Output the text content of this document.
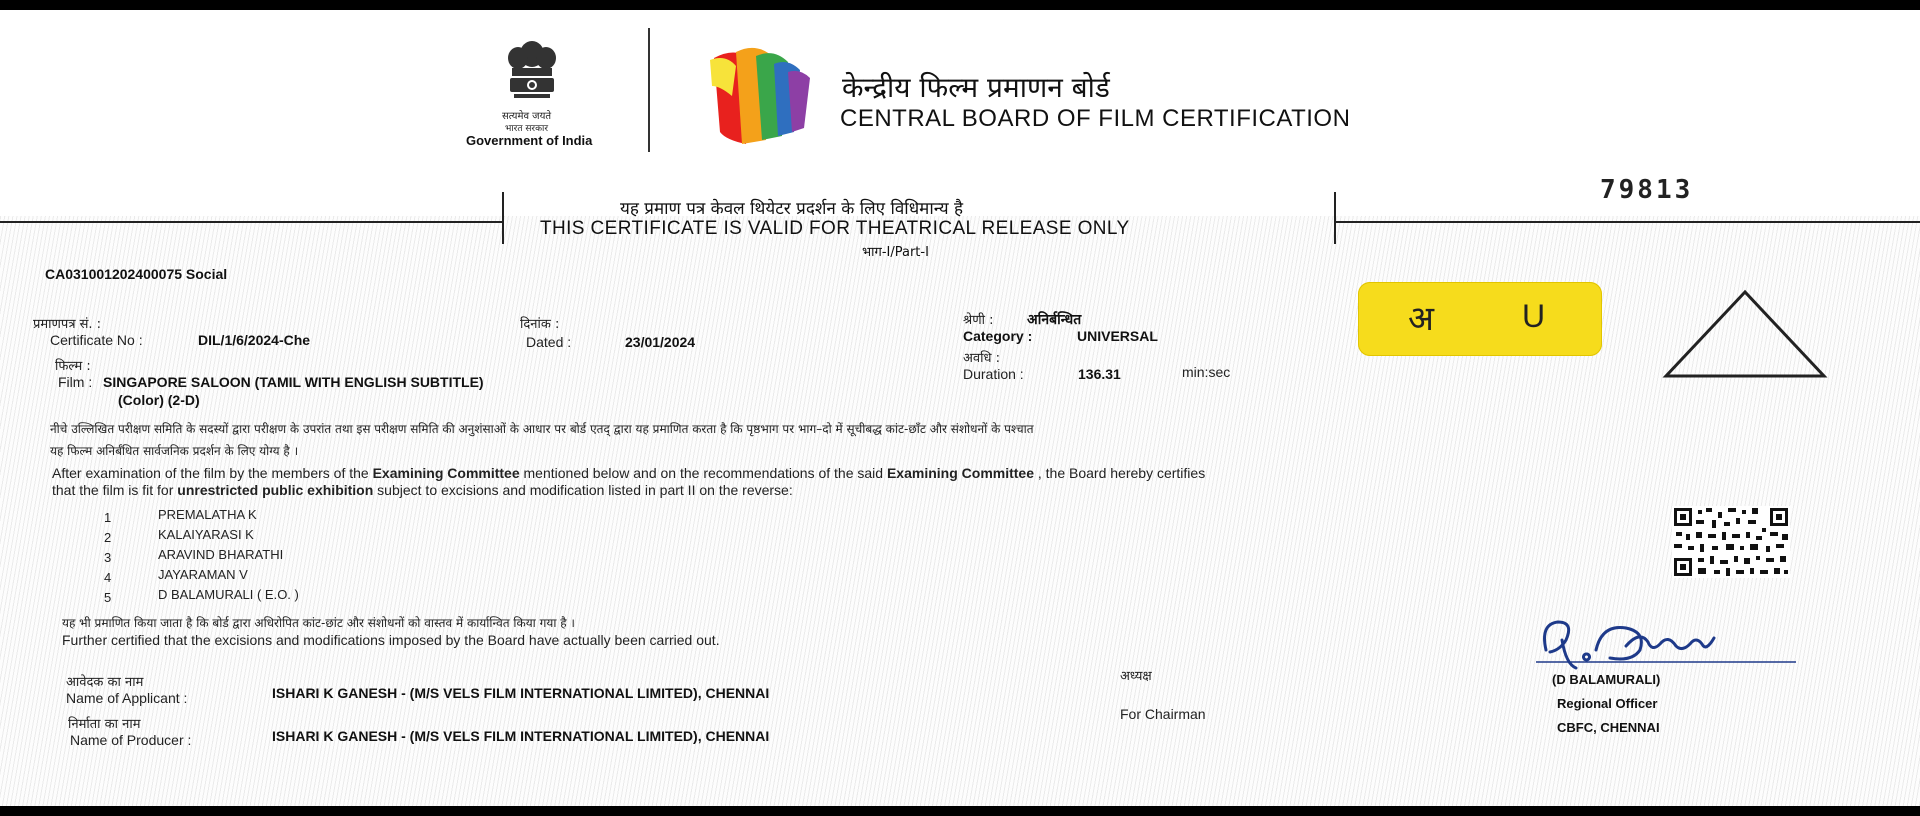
सत्यमेव जयते
भारत सरकार
Government of India
केन्द्रीय फिल्म प्रमाणन बोर्ड
CENTRAL BOARD OF FILM CERTIFICATION
79813
यह प्रमाण पत्र केवल थियेटर प्रदर्शन के लिए विधिमान्य है
THIS CERTIFICATE IS VALID FOR THEATRICAL RELEASE ONLY
भाग-I/Part-I
CA031001202400075 Social
प्रमाणपत्र सं. :
Certificate No :	DIL/1/6/2024-Che
दिनांक :
Dated :	23/01/2024
श्रेणी : अनिर्बन्धित
Category :	UNIVERSAL
अवधि :
Duration :	136.31	min:sec
फिल्म :
Film : SINGAPORE SALOON (TAMIL WITH ENGLISH SUBTITLE)
(Color) (2-D)
अ	U
नीचे उल्लिखित परीक्षण समिति के सदस्यों द्वारा परीक्षण के उपरांत तथा इस परीक्षण समिति की अनुशंसाओं के आधार पर बोर्ड एतद् द्वारा यह प्रमाणित करता है कि पृष्ठभाग पर भाग–दो में सूचीबद्ध कांट-छाँट और संशोधनों के पश्चात
यह फिल्म अनिर्बंधित सार्वजनिक प्रदर्शन के लिए योग्य है ।
After examination of the film by the members of the Examining Committee mentioned below and on the recommendations of the said Examining Committee , the Board hereby certifies
that the film is fit for unrestricted public exhibition subject to excisions and modification listed in part II on the reverse:
1	PREMALATHA K
2	KALAIYARASI K
3	ARAVIND BHARATHI
4	JAYARAMAN V
5	D BALAMURALI ( E.O. )
यह भी प्रमाणित किया जाता है कि बोर्ड द्वारा अधिरोपित कांट-छांट और संशोधनों को वास्तव में कार्यान्वित किया गया है ।
Further certified that the excisions and modifications imposed by the Board have actually been carried out.
आवेदक का नाम
Name of Applicant :	ISHARI K GANESH - (M/S VELS FILM INTERNATIONAL LIMITED), CHENNAI
निर्माता का नाम
Name of Producer :	ISHARI K GANESH - (M/S VELS FILM INTERNATIONAL LIMITED), CHENNAI
अध्यक्ष
For Chairman
(D BALAMURALI)
Regional Officer
CBFC, CHENNAI
